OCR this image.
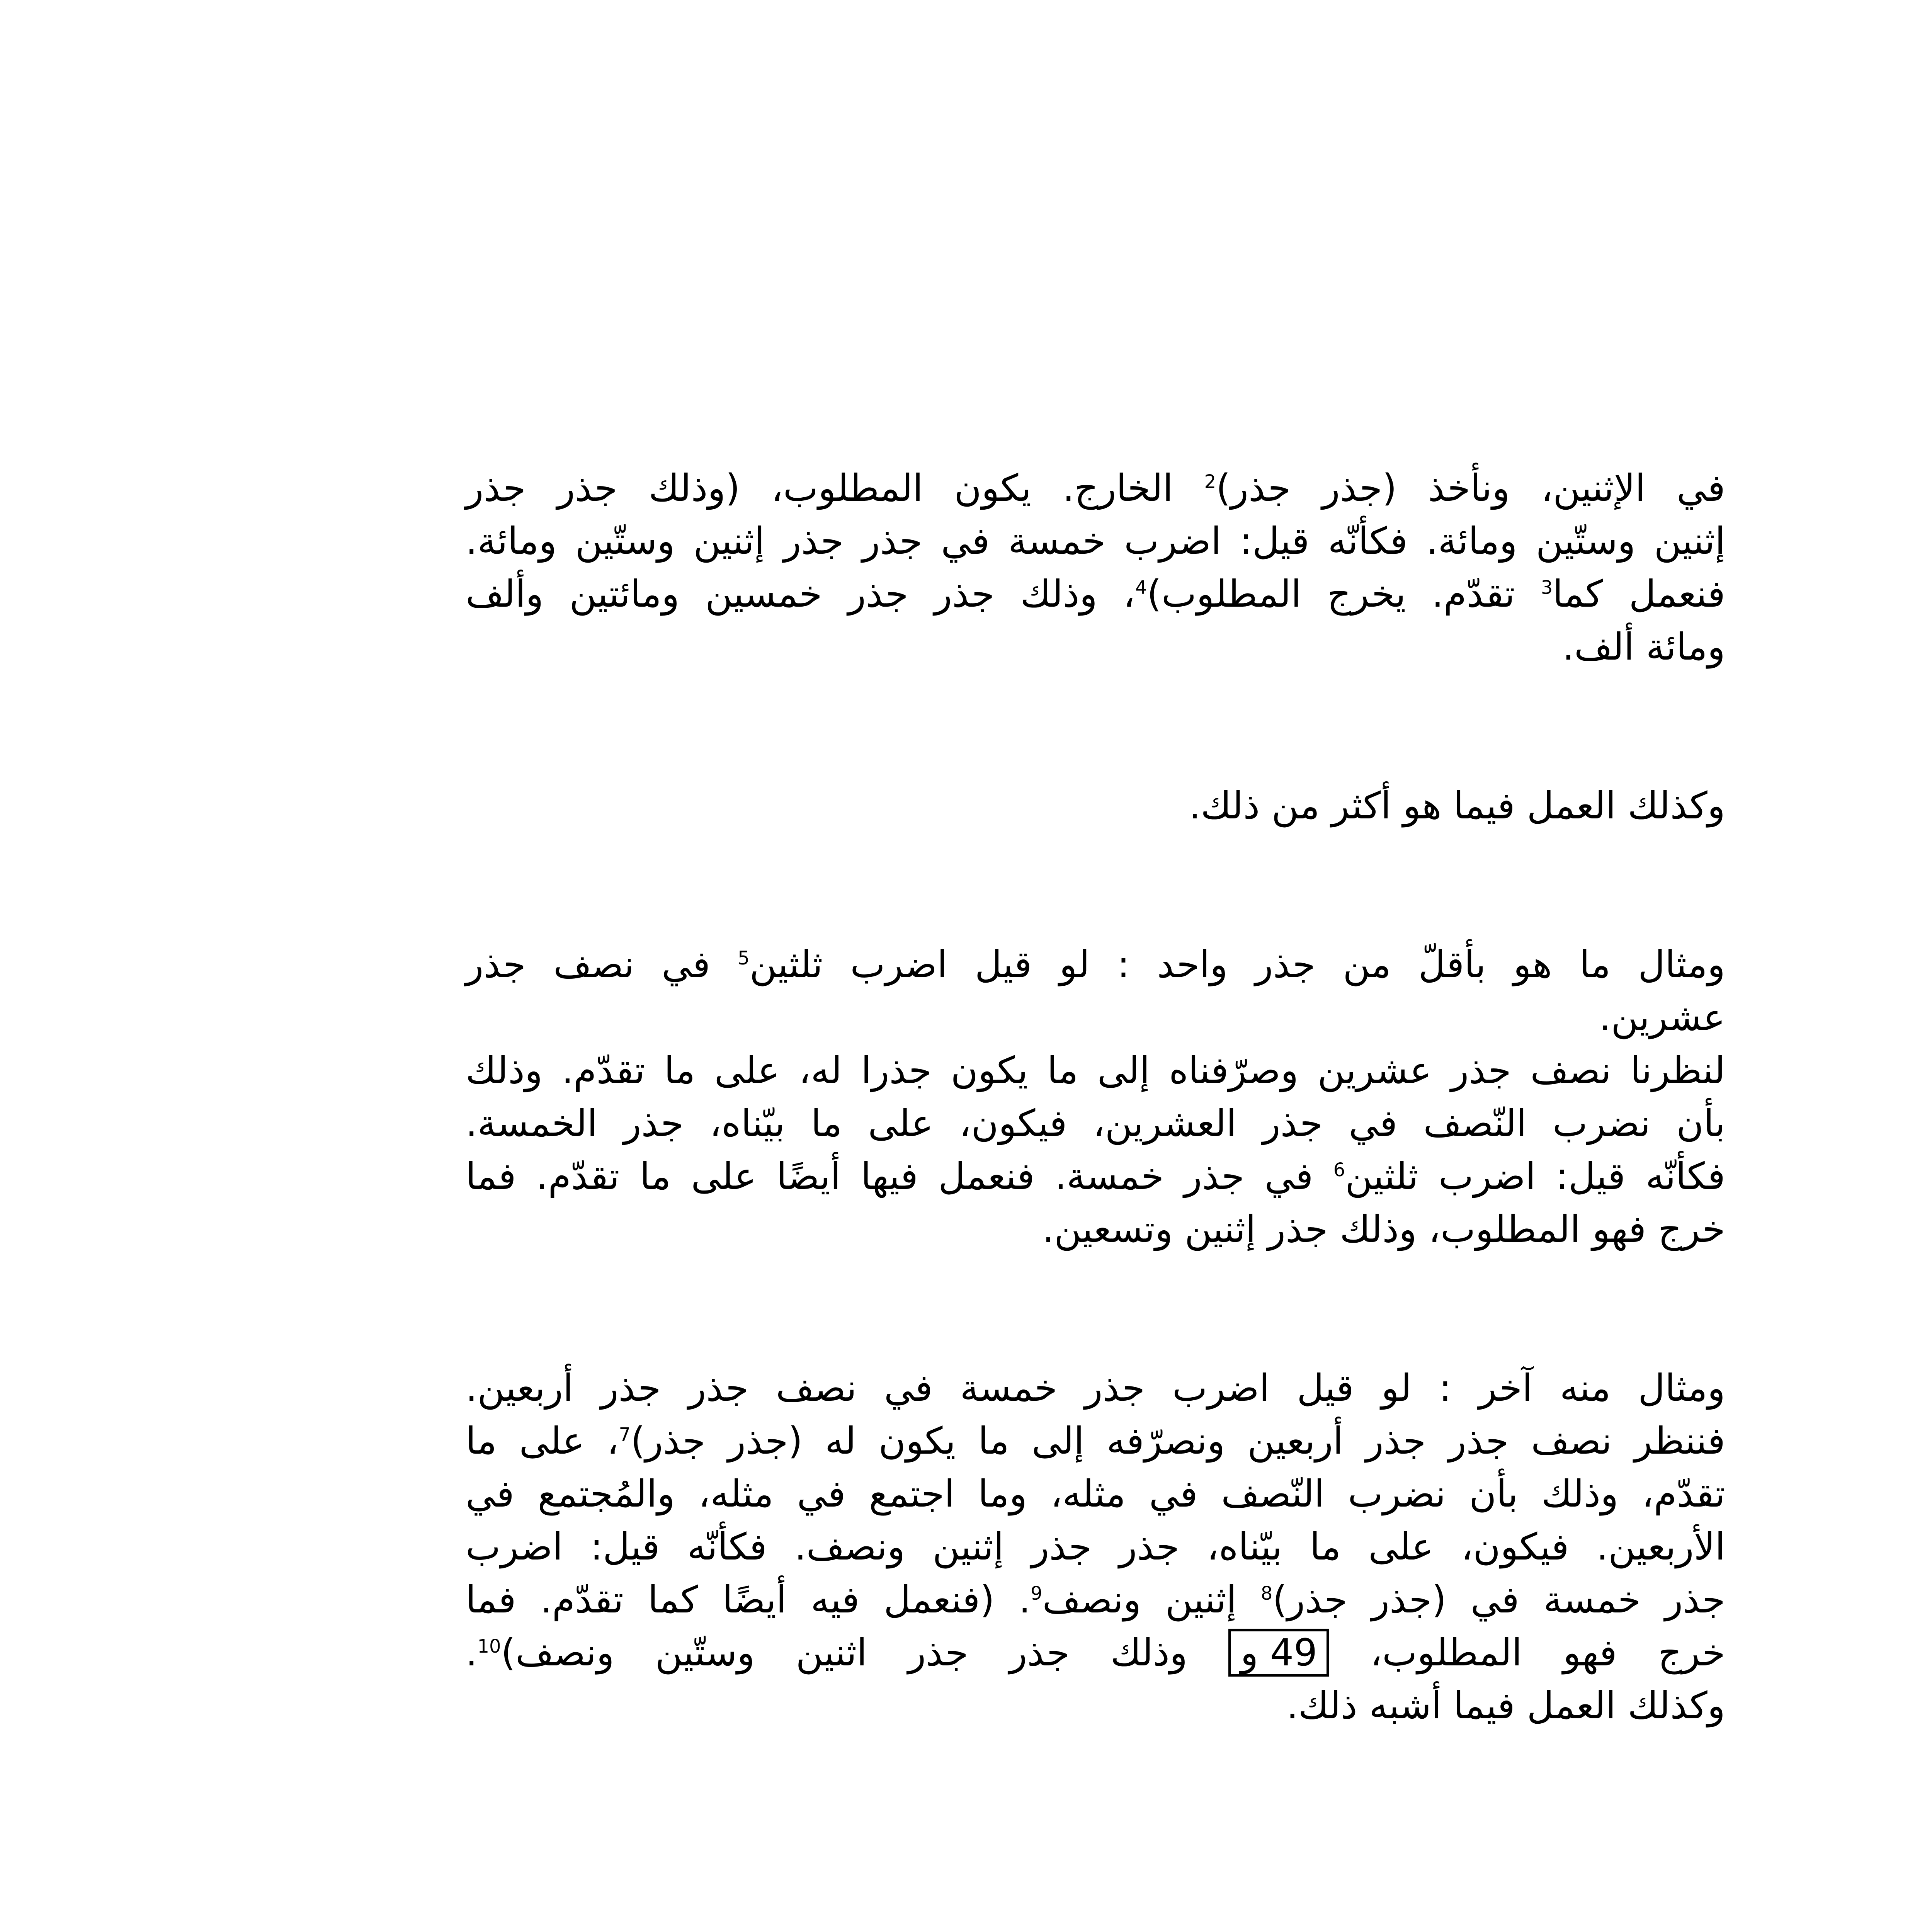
في الإثنين، ونأخذ (جذر جذر)$^2$ الخارج. يكون المطلوب، (وذلك جذر جذر
إثنين وستّين ومائة. فكأنّه قيل: اضرب خمسة في جذر جذر إثنين وستّين ومائة.
فنعمل كما$^3$ تقدّم. يخرج المطلوب)$^4$، وذلك جذر جذر خمسين ومائتين وألف
ومائة ألف.
وكذلك العمل فيما هو أكثر من ذلك.
ومثال ما هو بأقلّ من جذر واحد : لو قيل اضرب ثلثين$^5$ في نصف جذر
عشرين.
لنظرنا نصف جذر عشرين وصرّفناه إلى ما يكون جذرا له، على ما تقدّم. وذلك
بأن نضرب النّصف في جذر العشرين، فيكون، على ما بيّناه، جذر الخمسة.
فكأنّه قيل: اضرب ثلثين$^6$ في جذر خمسة. فنعمل فيها أيضًا على ما تقدّم. فما
خرج فهو المطلوب، وذلك جذر إثنين وتسعين.
ومثال منه آخر : لو قيل اضرب جذر خمسة في نصف جذر جذر أربعين.
فننظر نصف جذر جذر أربعين ونصرّفه إلى ما يكون له (جذر جذر)$^7$، على ما
تقدّم، وذلك بأن نضرب النّصف في مثله، وما اجتمع في مثله، والمُجتمع في
الأربعين. فيكون، على ما بيّناه، جذر جذر إثنين ونصف. فكأنّه قيل: اضرب
جذر خمسة في (جذر جذر)$^8$ إثنين ونصف$^9$. (فنعمل فيه أيضًا كما تقدّم. فما
خرج فهو المطلوب، 49 و وذلك جذر جذر اثنين وستّين ونصف)$^{10}$.
وكذلك العمل فيما أشبه ذلك.
